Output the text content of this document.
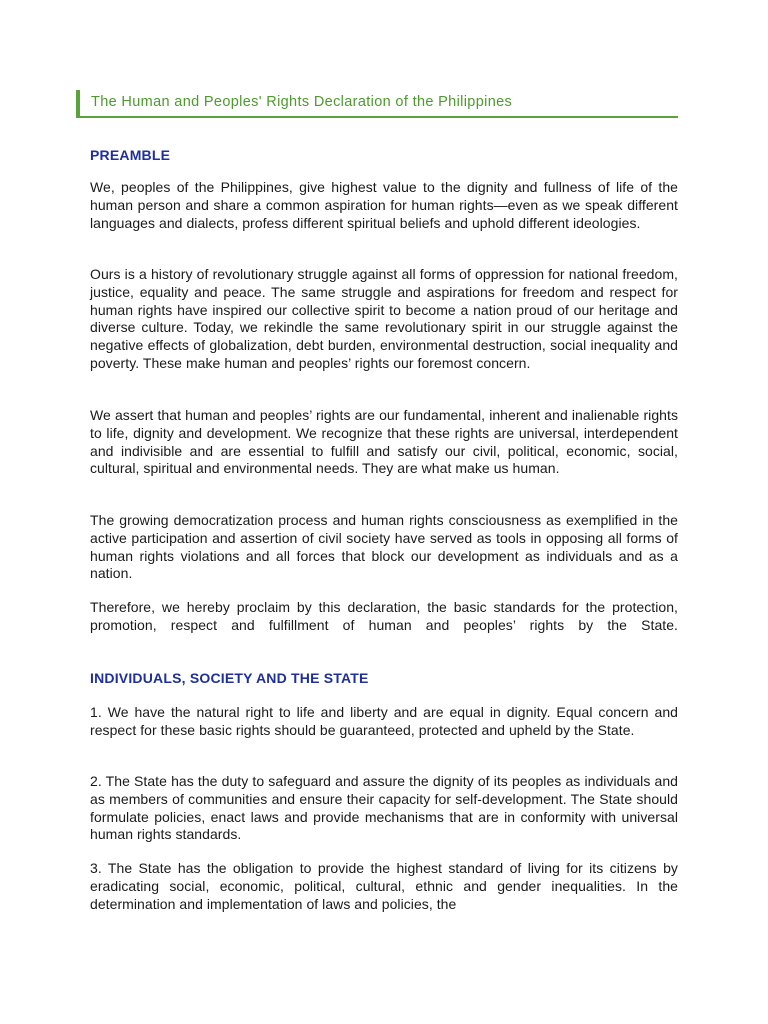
The Human and Peoples' Rights Declaration of the Philippines
PREAMBLE

We, peoples of the Philippines, give highest value to the dignity and fullness of life of the human person and share a common aspiration for human rights—even as we speak different languages and dialects, profess different spiritual beliefs and uphold different ideologies.

Ours is a history of revolutionary struggle against all forms of oppression for national freedom, justice, equality and peace. The same struggle and aspirations for freedom and respect for human rights have inspired our collective spirit to become a nation proud of our heritage and diverse culture. Today, we rekindle the same revolutionary spirit in our struggle against the negative effects of globalization, debt burden, environmental destruction, social inequality and poverty. These make human and peoples’ rights our foremost concern.

We assert that human and peoples’ rights are our fundamental, inherent and inalienable rights to life, dignity and development. We recognize that these rights are universal, interdependent and indivisible and are essential to fulfill and satisfy our civil, political, economic, social, cultural, spiritual and environmental needs. They are what make us human.

The growing democratization process and human rights consciousness as exemplified in the active participation and assertion of civil society have served as tools in opposing all forms of human rights violations and all forces that block our development as individuals and as a nation.

Therefore, we hereby proclaim by this declaration, the basic standards for the protection, promotion, respect and fulfillment of human and peoples’ rights by the State.

INDIVIDUALS, SOCIETY AND THE STATE

1. We have the natural right to life and liberty and are equal in dignity. Equal concern and respect for these basic rights should be guaranteed, protected and upheld by the State.

2. The State has the duty to safeguard and assure the dignity of its peoples as individuals and as members of communities and ensure their capacity for self-development. The State should formulate policies, enact laws and provide mechanisms that are in conformity with universal human rights standards.

3. The State has the obligation to provide the highest standard of living for its citizens by eradicating social, economic, political, cultural, ethnic and gender inequalities. In the determination and implementation of laws and policies, the
